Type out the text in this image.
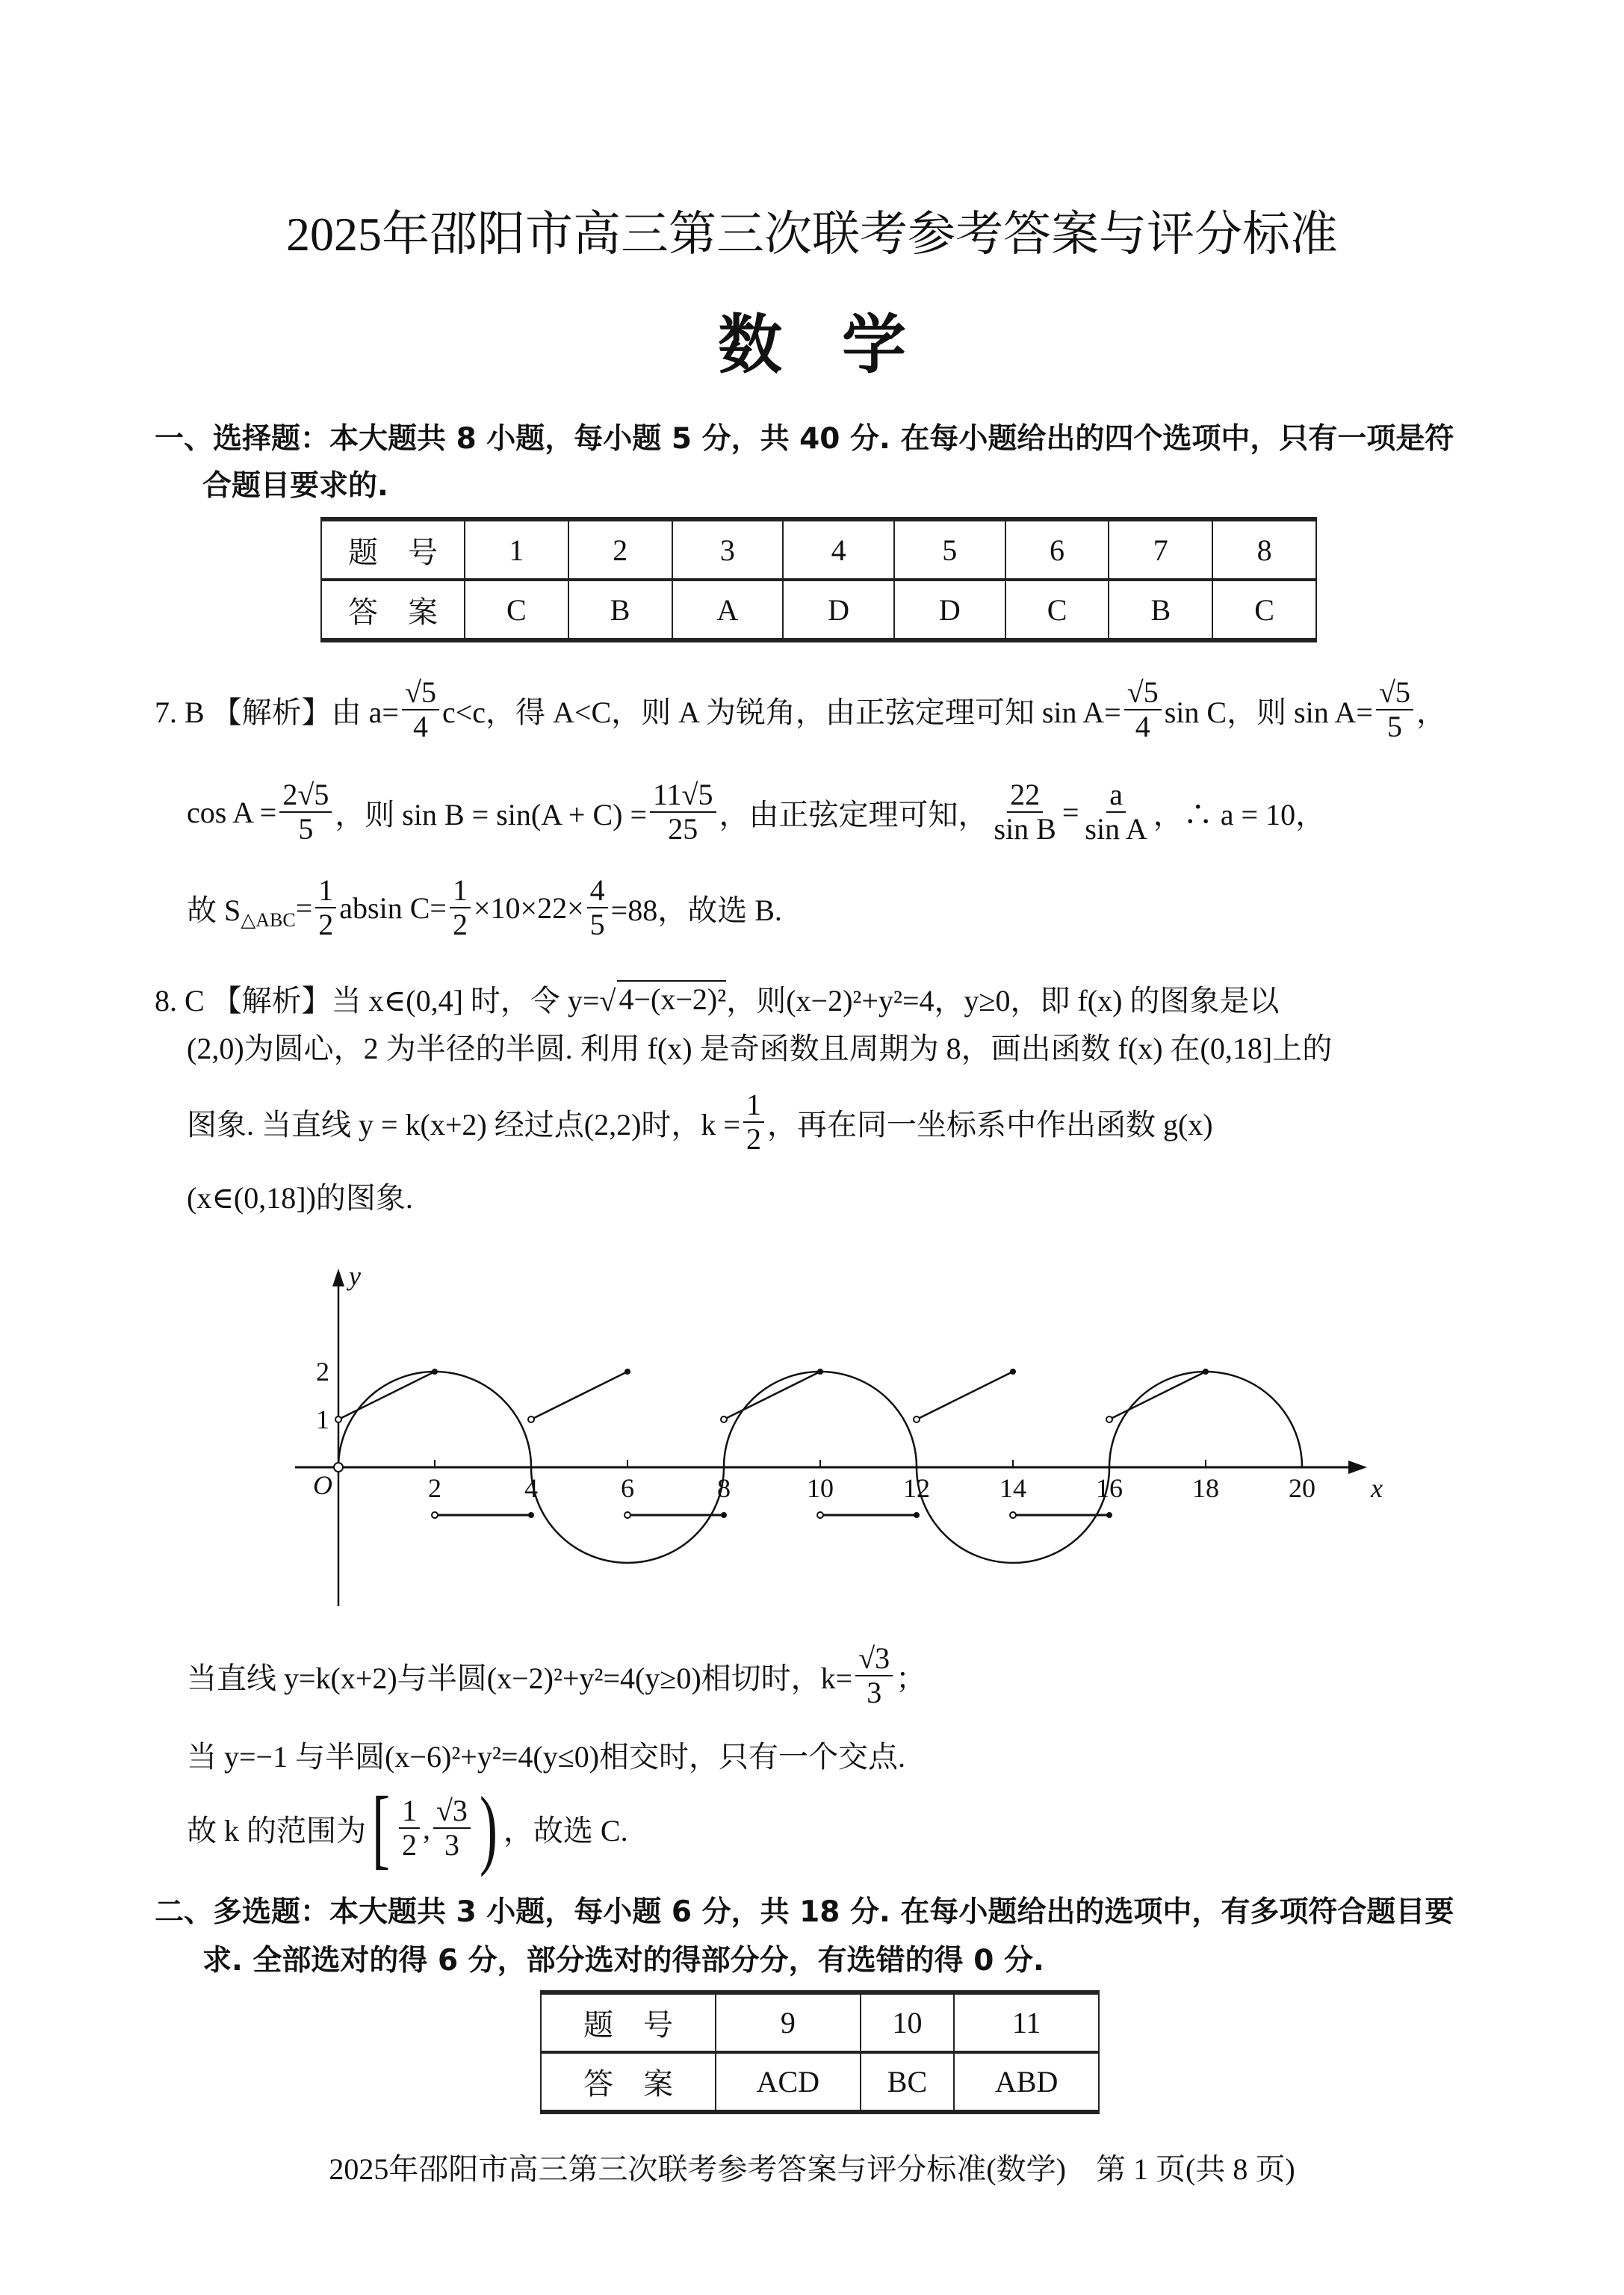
2025年邵阳市高三第三次联考参考答案与评分标准
数学
一、选择题：本大题共 8 小题，每小题 5 分，共 40 分. 在每小题给出的四个选项中，只有一项是符
合题目要求的.
题　号	1	2	3	4	5	6	7	8
答　案	C	B	A	D	D	C	B	C
7. B 【解析】由 $a= \frac{√5}{4} c<c$，得 A<C，则 A 为锐角，由正弦定理可知 $\sin A= \frac{√5}{4}$ sin C，则 $\sin A= \frac{√5}{5}$ ，
$\cos A = \frac{2√5}{5}$ ，则 $\sin B = \sin(A + C) = \frac{11√5}{25}$ ，由正弦定理可知， $\frac{22}{\text{sin B}} = \frac{a}{\text{sin A}}$ ，∴ a = 10，
故 S △ABC = $\frac{1}{2}$ absin $C= \frac{1}{2} \times 10\times 22\times \frac{4}{5} =88$，故选 B.
8. C 【解析】当 x∈(0,4] 时，令 y=√ 4−(x−2)² ，则(x−2)²+y²=4，y≥0，即 f(x) 的图象是以
(2,0)为圆心，2 为半径的半圆. 利用 f(x) 是奇函数且周期为 8，画出函数 f(x) 在(0,18]上的
图象. 当直线 y = k(x+2) 经过点(2,2)时，$k = \frac{1}{2}$ ，再在同一坐标系中作出函数 g(x)
(x∈(0,18])的图象.
当直线 y=k(x+2)与半圆(x−2)²+y²=4(y≥0)相切时，$k= \frac{√3}{3}$ ；
当 y=−1 与半圆(x−6)²+y²=4(y≤0)相交时，只有一个交点.
故 k 的范围为 [ $\frac{1}{2}$ , $\frac{√3}{3}$ ) ，故选 C.
x
y
O	2	4	6	8	10	12	14	16	18	20
1
2
二、多选题：本大题共 3 小题，每小题 6 分，共 18 分. 在每小题给出的选项中，有多项符合题目要
求. 全部选对的得 6 分，部分选对的得部分分，有选错的得 0 分.
题　号	9	10	11
答　案	ACD	BC	ABD
2025年邵阳市高三第三次联考参考答案与评分标准(数学)　第 1 页(共 8 页)
